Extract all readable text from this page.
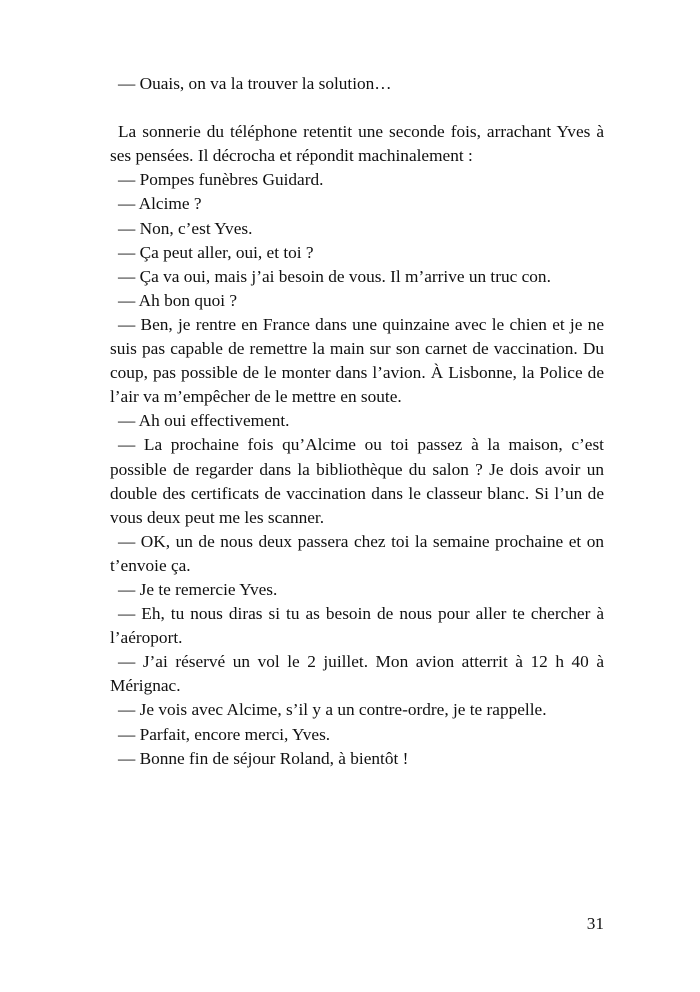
— Ouais, on va la trouver la solution…

La sonnerie du téléphone retentit une seconde fois, arrachant Yves à ses pensées. Il décrocha et répondit machinalement :

— Pompes funèbres Guidard.

— Alcime ?

— Non, c’est Yves.

— Ça peut aller, oui, et toi ?

— Ça va oui, mais j’ai besoin de vous. Il m’arrive un truc con.

— Ah bon quoi ?

— Ben, je rentre en France dans une quinzaine avec le chien et je ne suis pas capable de remettre la main sur son carnet de vaccination. Du coup, pas possible de le monter dans l’avion. À Lisbonne, la Police de l’air va m’empêcher de le mettre en soute.

— Ah oui effectivement.

— La prochaine fois qu’Alcime ou toi passez à la maison, c’est possible de regarder dans la bibliothèque du salon ? Je dois avoir un double des certificats de vaccination dans le classeur blanc. Si l’un de vous deux peut me les scanner.

— OK, un de nous deux passera chez toi la semaine prochaine et on t’envoie ça.

— Je te remercie Yves.

— Eh, tu nous diras si tu as besoin de nous pour aller te chercher à l’aéroport.

— J’ai réservé un vol le 2 juillet. Mon avion atterrit à 12 h 40 à Mérignac.

— Je vois avec Alcime, s’il y a un contre-ordre, je te rappelle.

— Parfait, encore merci, Yves.

— Bonne fin de séjour Roland, à bientôt !

31
